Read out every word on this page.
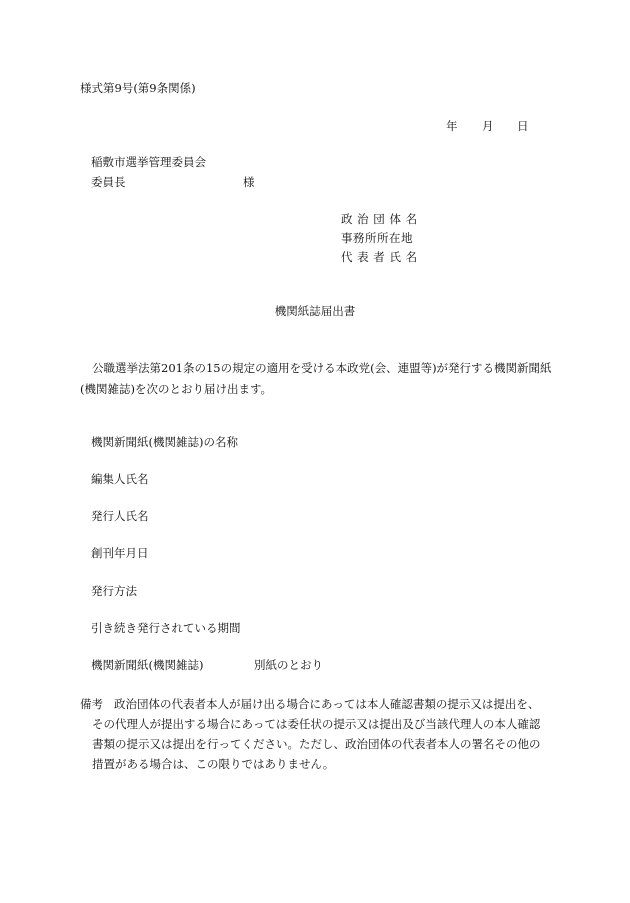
様式第9号(第9条関係)
年 月 日
稲敷市選挙管理委員会
委員長	様
政 治 団 体 名
事務所所在地
代 表 者 氏 名
機関紙誌届出書
公職選挙法第201条の15の規定の適用を受ける本政党(会、連盟等)が発行する機関新聞紙(機関雑誌)を次のとおり届け出ます。
機関新聞紙(機関雑誌)の名称
編集人氏名
発行人氏名
創刊年月日
発行方法
引き続き発行されている期間
機関新聞紙(機関雑誌)	別紙のとおり
備考 政治団体の代表者本人が届け出る場合にあっては本人確認書類の提示又は提出を、
その代理人が提出する場合にあっては委任状の提示又は提出及び当該代理人の本人確認
書類の提示又は提出を行ってください。ただし、政治団体の代表者本人の署名その他の
措置がある場合は、この限りではありません。
